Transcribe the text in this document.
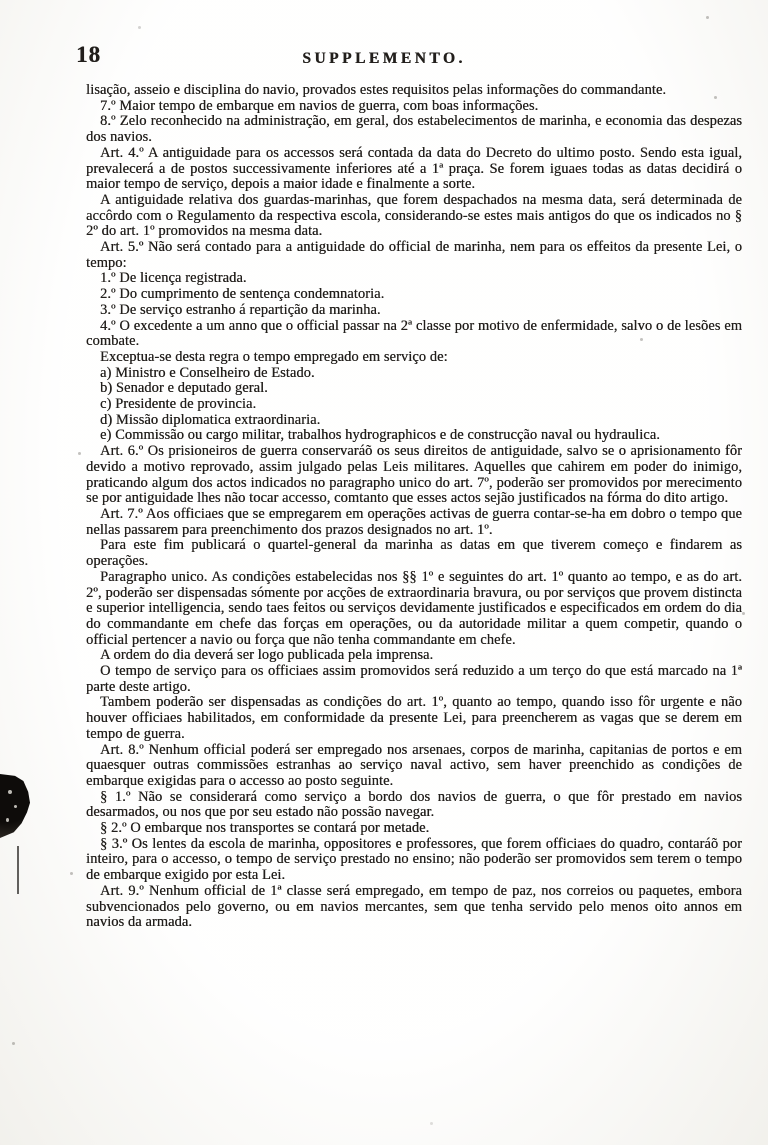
18	SUPPLEMENTO.

lisação, asseio e disciplina do navio, provados estes requisitos pelas informações do commandante.

7.º Maior tempo de embarque em navios de guerra, com boas informações.

8.º Zelo reconhecido na administração, em geral, dos estabelecimentos de marinha, e economia das despezas dos navios.

Art. 4.º A antiguidade para os accessos será contada da data do Decreto do ultimo posto. Sendo esta igual, prevalecerá a de postos successivamente inferiores até a 1ª praça. Se forem iguaes todas as datas decidirá o maior tempo de serviço, depois a maior idade e finalmente a sorte.

A antiguidade relativa dos guardas-marinhas, que forem despachados na mesma data, será determinada de accôrdo com o Regulamento da respectiva escola, considerando-se estes mais antigos do que os indicados no § 2º do art. 1º promovidos na mesma data.

Art. 5.º Não será contado para a antiguidade do official de marinha, nem para os effeitos da presente Lei, o tempo:

1.º De licença registrada.

2.º Do cumprimento de sentença condemnatoria.

3.º De serviço estranho á repartição da marinha.

4.º O excedente a um anno que o official passar na 2ª classe por motivo de enfermidade, salvo o de lesões em combate.

Exceptua-se desta regra o tempo empregado em serviço de:

a) Ministro e Conselheiro de Estado.

b) Senador e deputado geral.

c) Presidente de provincia.

d) Missão diplomatica extraordinaria.

e) Commissão ou cargo militar, trabalhos hydrographicos e de construcção naval ou hydraulica.

Art. 6.º Os prisioneiros de guerra conservaráõ os seus direitos de antiguidade, salvo se o aprisionamento fôr devido a motivo reprovado, assim julgado pelas Leis militares. Aquelles que cahirem em poder do inimigo, praticando algum dos actos indicados no paragrapho unico do art. 7º, poderão ser promovidos por merecimento se por antiguidade lhes não tocar accesso, comtanto que esses actos sejão justificados na fórma do dito artigo.

Art. 7.º Aos officiaes que se empregarem em operações activas de guerra contar-se-ha em dobro o tempo que nellas passarem para preenchimento dos prazos designados no art. 1º.

Para este fim publicará o quartel-general da marinha as datas em que tiverem começo e findarem as operações.

Paragrapho unico. As condições estabelecidas nos §§ 1º e seguintes do art. 1º quanto ao tempo, e as do art. 2º, poderão ser dispensadas sómente por acções de extraordinaria bravura, ou por serviços que provem distincta e superior intelligencia, sendo taes feitos ou serviços devidamente justificados e especificados em ordem do dia do commandante em chefe das forças em operações, ou da autoridade militar a quem competir, quando o official pertencer a navio ou força que não tenha commandante em chefe.

A ordem do dia deverá ser logo publicada pela imprensa.

O tempo de serviço para os officiaes assim promovidos será reduzido a um terço do que está marcado na 1ª parte deste artigo.

Tambem poderão ser dispensadas as condições do art. 1º, quanto ao tempo, quando isso fôr urgente e não houver officiaes habilitados, em conformidade da presente Lei, para preencherem as vagas que se derem em tempo de guerra.

Art. 8.º Nenhum official poderá ser empregado nos arsenaes, corpos de marinha, capitanias de portos e em quaesquer outras commissões estranhas ao serviço naval activo, sem haver preenchido as condições de embarque exigidas para o accesso ao posto seguinte.

§ 1.º Não se considerará como serviço a bordo dos navios de guerra, o que fôr prestado em navios desarmados, ou nos que por seu estado não possão navegar.

§ 2.º O embarque nos transportes se contará por metade.

§ 3.º Os lentes da escola de marinha, oppositores e professores, que forem officiaes do quadro, contaráõ por inteiro, para o accesso, o tempo de serviço prestado no ensino; não poderão ser promovidos sem terem o tempo de embarque exigido por esta Lei.

Art. 9.º Nenhum official de 1ª classe será empregado, em tempo de paz, nos correios ou paquetes, embora subvencionados pelo governo, ou em navios mercantes, sem que tenha servido pelo menos oito annos em navios da armada.
